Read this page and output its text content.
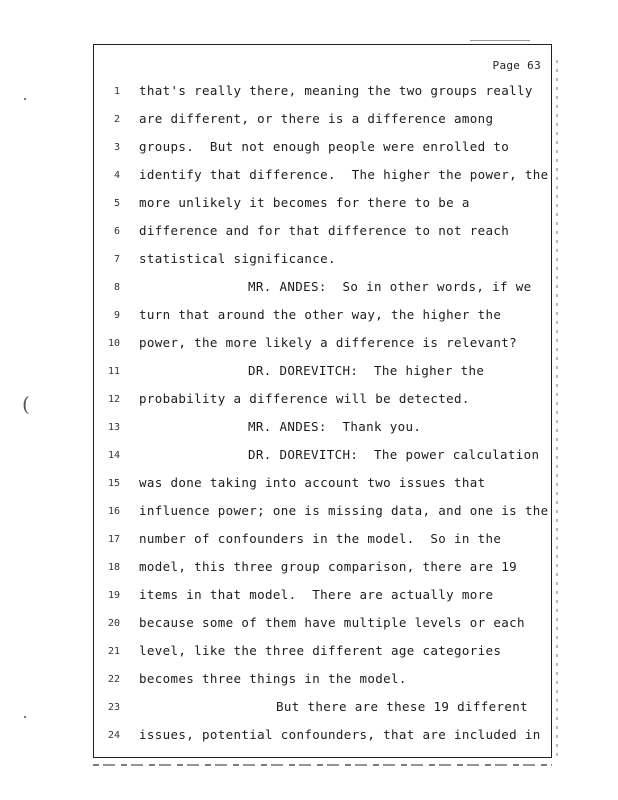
Page 63
1 that's really there, meaning the two groups really
2 are different, or there is a difference among
3 groups.  But not enough people were enrolled to
4 identify that difference.  The higher the power, the
5 more unlikely it becomes for there to be a
6 difference and for that difference to not reach
7 statistical significance.
8	MR. ANDES:  So in other words, if we
9 turn that around the other way, the higher the
10 power, the more likely a difference is relevant?
11	DR. DOREVITCH:  The higher the
12 probability a difference will be detected.
13	MR. ANDES:  Thank you.
14	DR. DOREVITCH:  The power calculation
15 was done taking into account two issues that
16 influence power; one is missing data, and one is the
17 number of confounders in the model.  So in the
18 model, this three group comparison, there are 19
19 items in that model.  There are actually more
20 because some of them have multiple levels or each
21 level, like the three different age categories
22 becomes three things in the model.
23	But there are these 19 different
24 issues, potential confounders, that are included in
(
